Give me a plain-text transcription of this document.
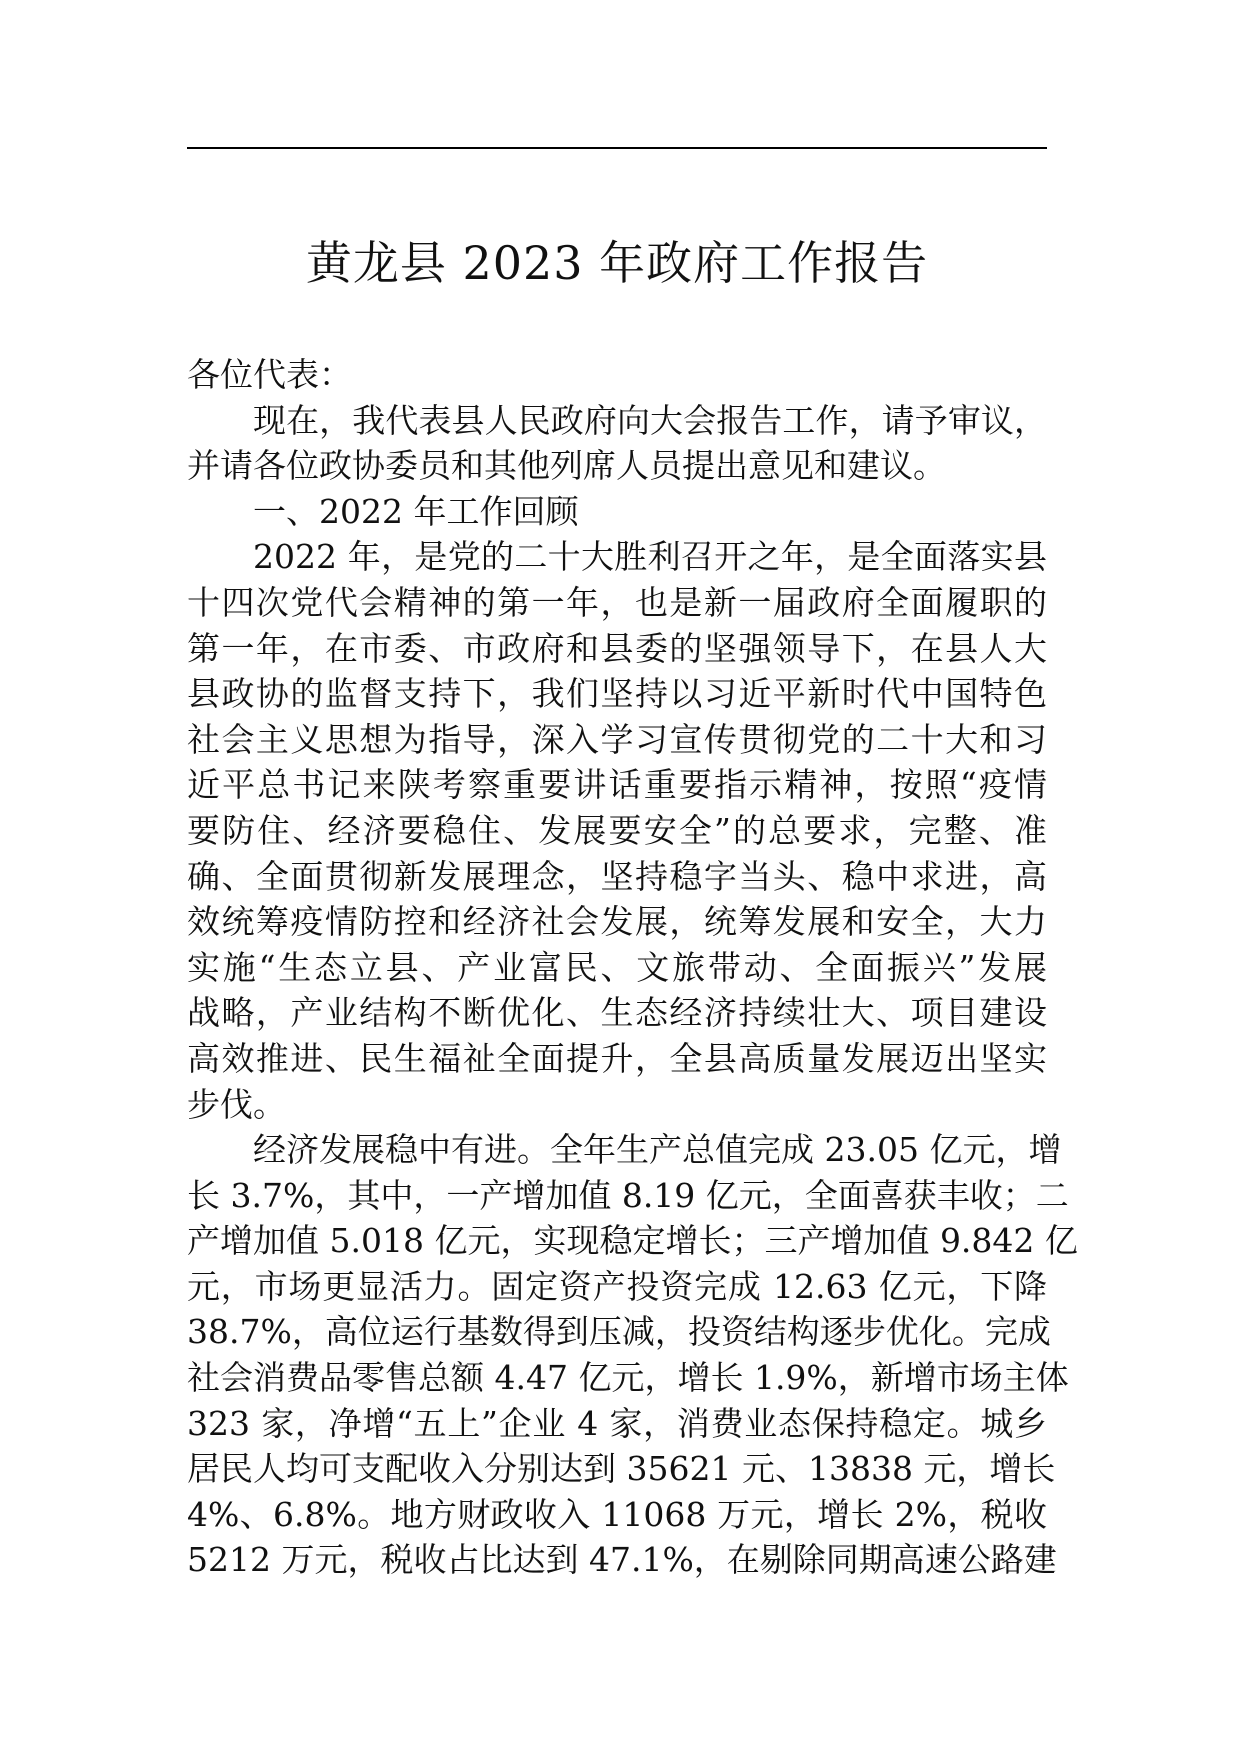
黄龙县 2023 年政府工作报告
各位代表：
现在，我代表县人民政府向大会报告工作，请予审议，
并请各位政协委员和其他列席人员提出意见和建议。
一、2022 年工作回顾
2022 年，是党的二十大胜利召开之年，是全面落实县
十四次党代会精神的第一年，也是新一届政府全面履职的
第一年，在市委、市政府和县委的坚强领导下，在县人大
县政协的监督支持下，我们坚持以习近平新时代中国特色
社会主义思想为指导，深入学习宣传贯彻党的二十大和习
近平总书记来陕考察重要讲话重要指示精神，按照“疫情
要防住、经济要稳住、发展要安全”的总要求，完整、准
确、全面贯彻新发展理念，坚持稳字当头、稳中求进，高
效统筹疫情防控和经济社会发展，统筹发展和安全，大力
实施“生态立县、产业富民、文旅带动、全面振兴”发展
战略，产业结构不断优化、生态经济持续壮大、项目建设
高效推进、民生福祉全面提升，全县高质量发展迈出坚实
步伐。
经济发展稳中有进。全年生产总值完成 23.05 亿元，增
长 3.7%，其中，一产增加值 8.19 亿元，全面喜获丰收；二
产增加值 5.018 亿元，实现稳定增长；三产增加值 9.842 亿
元，市场更显活力。固定资产投资完成 12.63 亿元，下降
38.7%，高位运行基数得到压减，投资结构逐步优化。完成
社会消费品零售总额 4.47 亿元，增长 1.9%，新增市场主体
323 家，净增“五上”企业 4 家，消费业态保持稳定。城乡
居民人均可支配收入分别达到 35621 元、13838 元，增长
4%、6.8%。地方财政收入 11068 万元，增长 2%，税收
5212 万元，税收占比达到 47.1%，在剔除同期高速公路建
